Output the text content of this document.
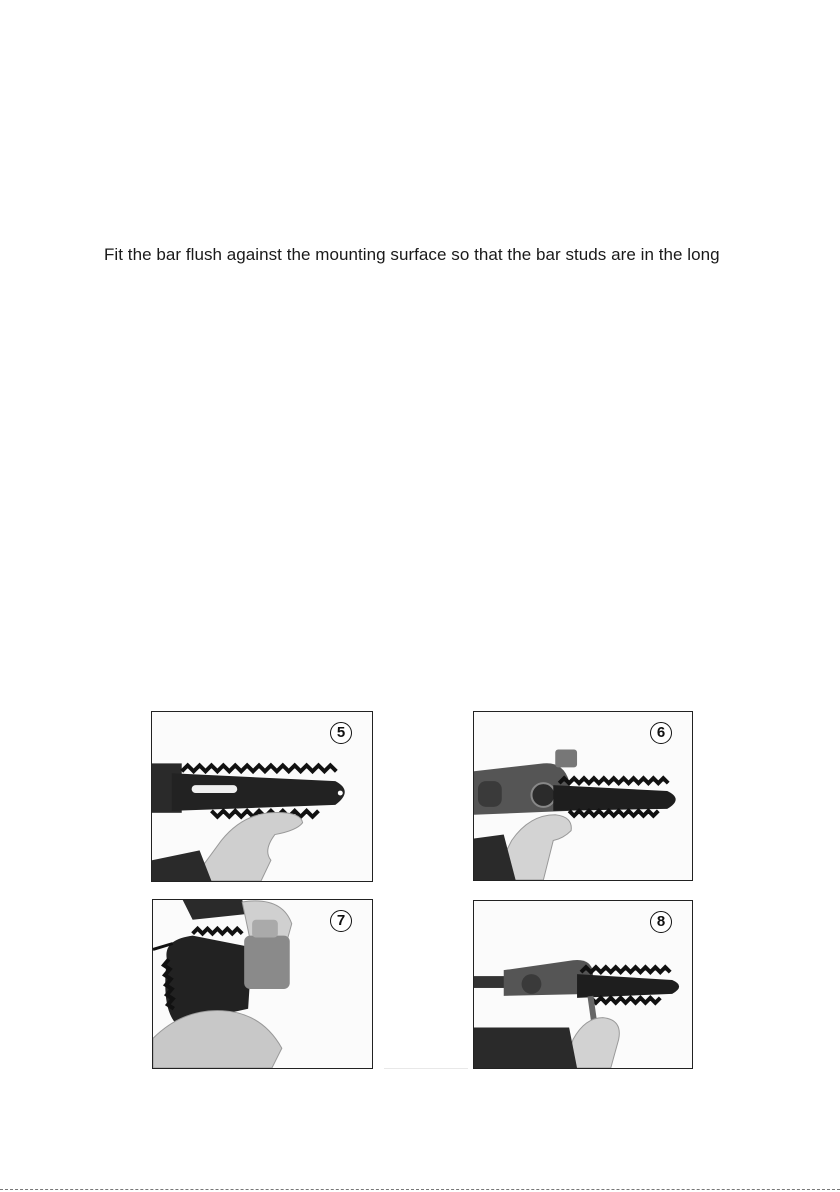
Fit the bar flush against the mounting surface so that the bar studs are in the long
5	6
7	8
